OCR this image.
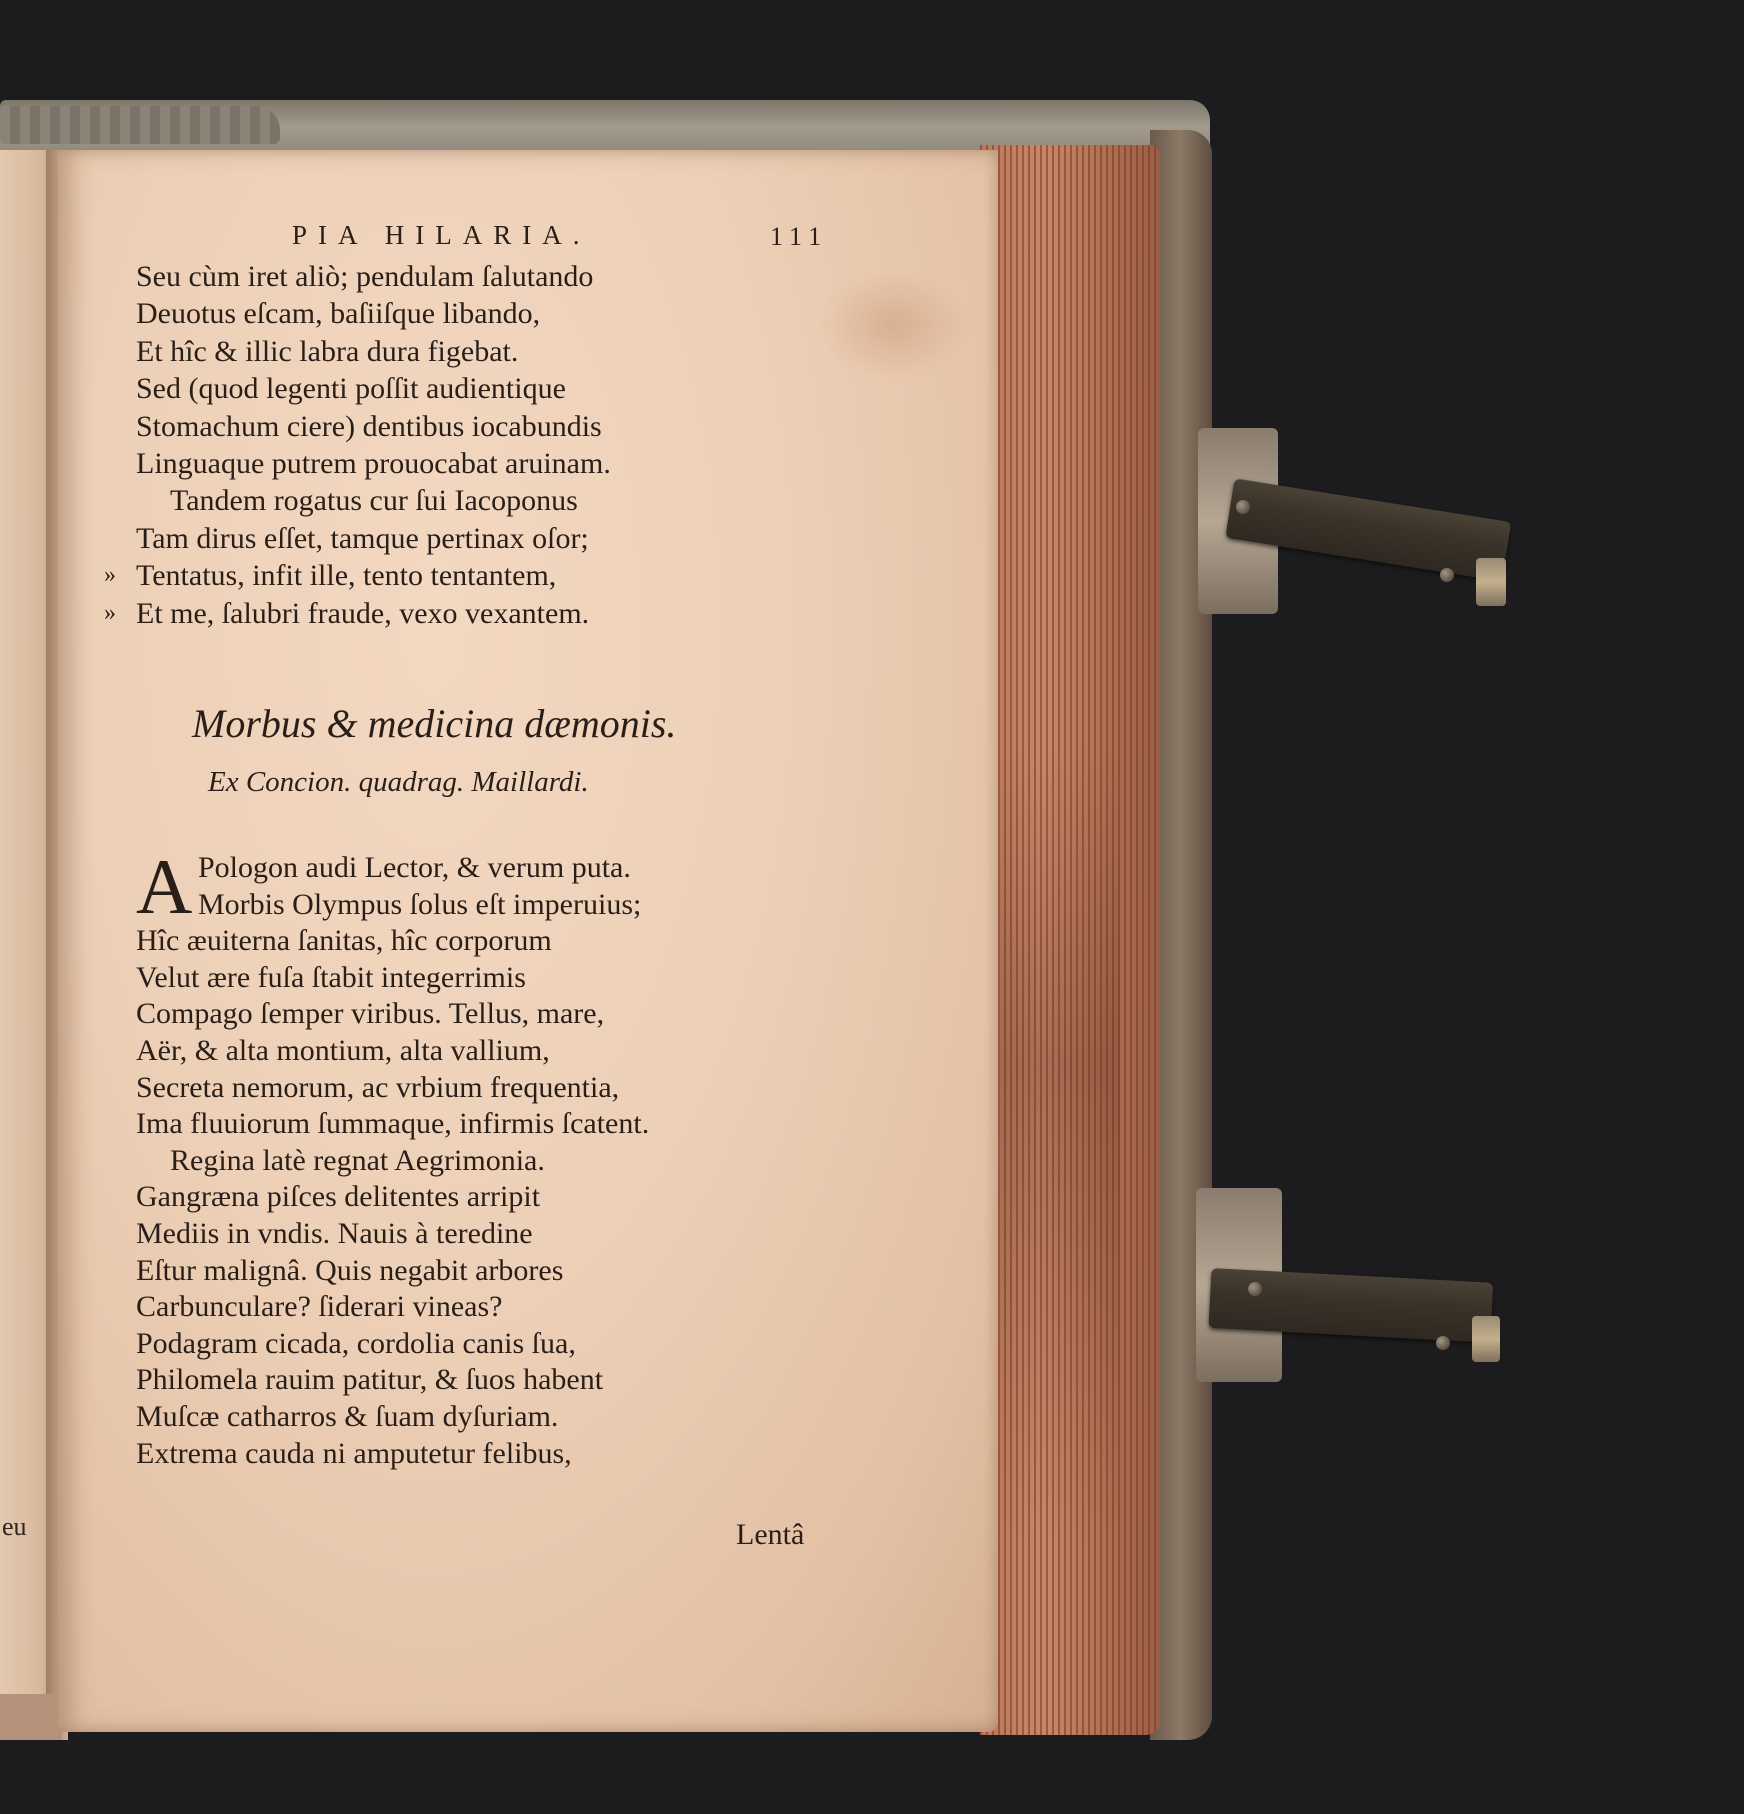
eu
PIA HILARIA.	111
Seu cùm iret aliò; pendulam ſalutando
Deuotus eſcam, baſiiſque libando,
Et hîc & illic labra dura figebat.
Sed (quod legenti poſſit audientique
Stomachum ciere) dentibus iocabundis
Linguaque putrem prouocabat aruinam.
Tandem rogatus cur ſui Iacoponus
Tam dirus eſſet, tamque pertinax oſor;
» Tentatus, infit ille, tento tentantem,
» Et me, ſalubri fraude, vexo vexantem.
Morbus & medicina dæmonis.
Ex Concion. quadrag. Maillardi.
A Pologon audi Lector, & verum puta.
Morbis Olympus ſolus eſt imperuius;
Hîc æuiterna ſanitas, hîc corporum
Velut ære fuſa ſtabit integerrimis
Compago ſemper viribus. Tellus, mare,
Aër, & alta montium, alta vallium,
Secreta nemorum, ac vrbium frequentia,
Ima fluuiorum ſummaque, infirmis ſcatent.
Regina latè regnat Aegrimonia.
Gangræna piſces delitentes arripit
Mediis in vndis. Nauis à teredine
Eſtur malignâ. Quis negabit arbores
Carbunculare? ſiderari vineas?
Podagram cicada, cordolia canis ſua,
Philomela rauim patitur, & ſuos habent
Muſcæ catharros & ſuam dyſuriam.
Extrema cauda ni amputetur felibus,
Lentâ
